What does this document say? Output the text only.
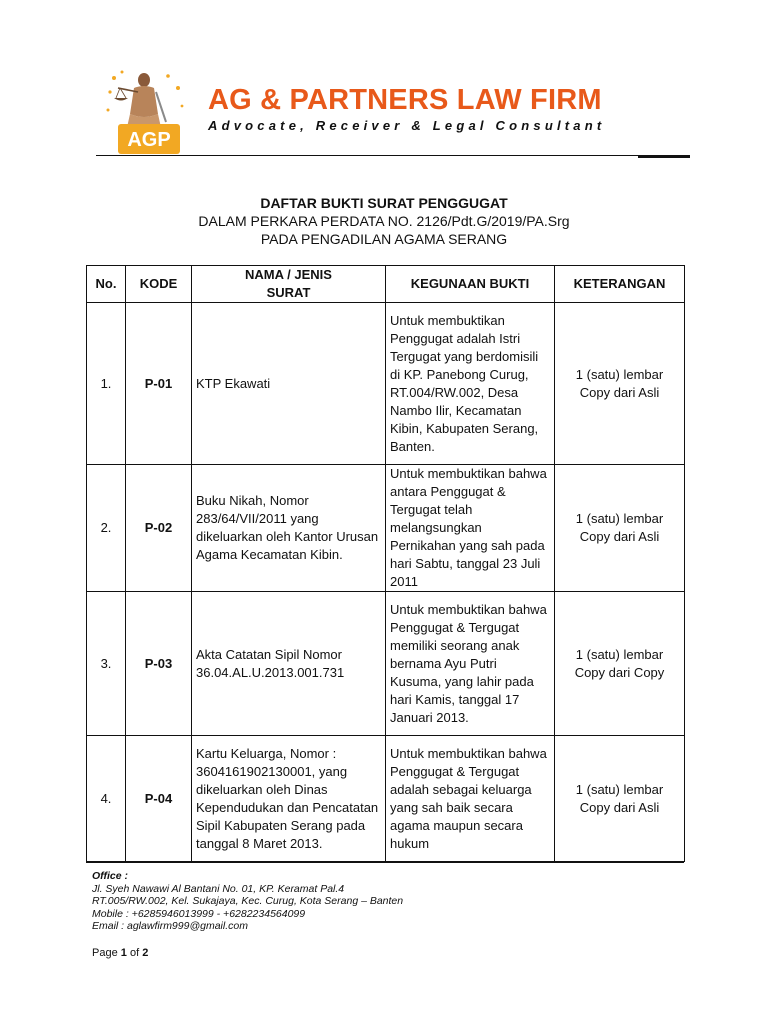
AGP
AG & PARTNERS LAW FIRM
Advocate, Receiver & Legal Consultant
DAFTAR BUKTI SURAT PENGGUGAT
DALAM PERKARA PERDATA NO. 2126/Pdt.G/2019/PA.Srg
PADA PENGADILAN AGAMA SERANG
No.	KODE	NAMA / JENIS SURAT	KEGUNAAN BUKTI	KETERANGAN
1.	P-01	KTP Ekawati	Untuk membuktikan Penggugat adalah Istri Tergugat yang berdomisili di KP. Panebong Curug, RT.004/RW.002, Desa Nambo Ilir, Kecamatan Kibin, Kabupaten Serang, Banten.	1 (satu) lembar
Copy dari Asli

2.	P-02	Buku Nikah, Nomor 283/64/VII/2011 yang dikeluarkan oleh Kantor Urusan Agama Kecamatan Kibin.	Untuk membuktikan bahwa antara Penggugat & Tergugat telah melangsungkan Pernikahan yang sah pada hari Sabtu, tanggal 23 Juli 2011	1 (satu) lembar
Copy dari Asli

3.	P-03	Akta Catatan Sipil Nomor 36.04.AL.U.2013.001.731	Untuk membuktikan bahwa Penggugat & Tergugat memiliki seorang anak bernama Ayu Putri Kusuma, yang lahir pada hari Kamis, tanggal 17 Januari 2013.	1 (satu) lembar
Copy dari Copy

4.	P-04	Kartu Keluarga, Nomor : 3604161902130001, yang dikeluarkan oleh Dinas Kependudukan dan Pencatatan Sipil Kabupaten Serang pada tanggal 8 Maret 2013.	Untuk membuktikan bahwa Penggugat & Tergugat adalah sebagai keluarga yang sah baik secara agama maupun secara hukum	1 (satu) lembar
Copy dari Asli
Office :
Jl. Syeh Nawawi Al Bantani No. 01, KP. Keramat Pal.4
RT.005/RW.002, Kel. Sukajaya, Kec. Curug, Kota Serang – Banten
Mobile : +6285946013999 - +6282234564099
Email : aglawfirm999@gmail.com
Page 1 of 2
